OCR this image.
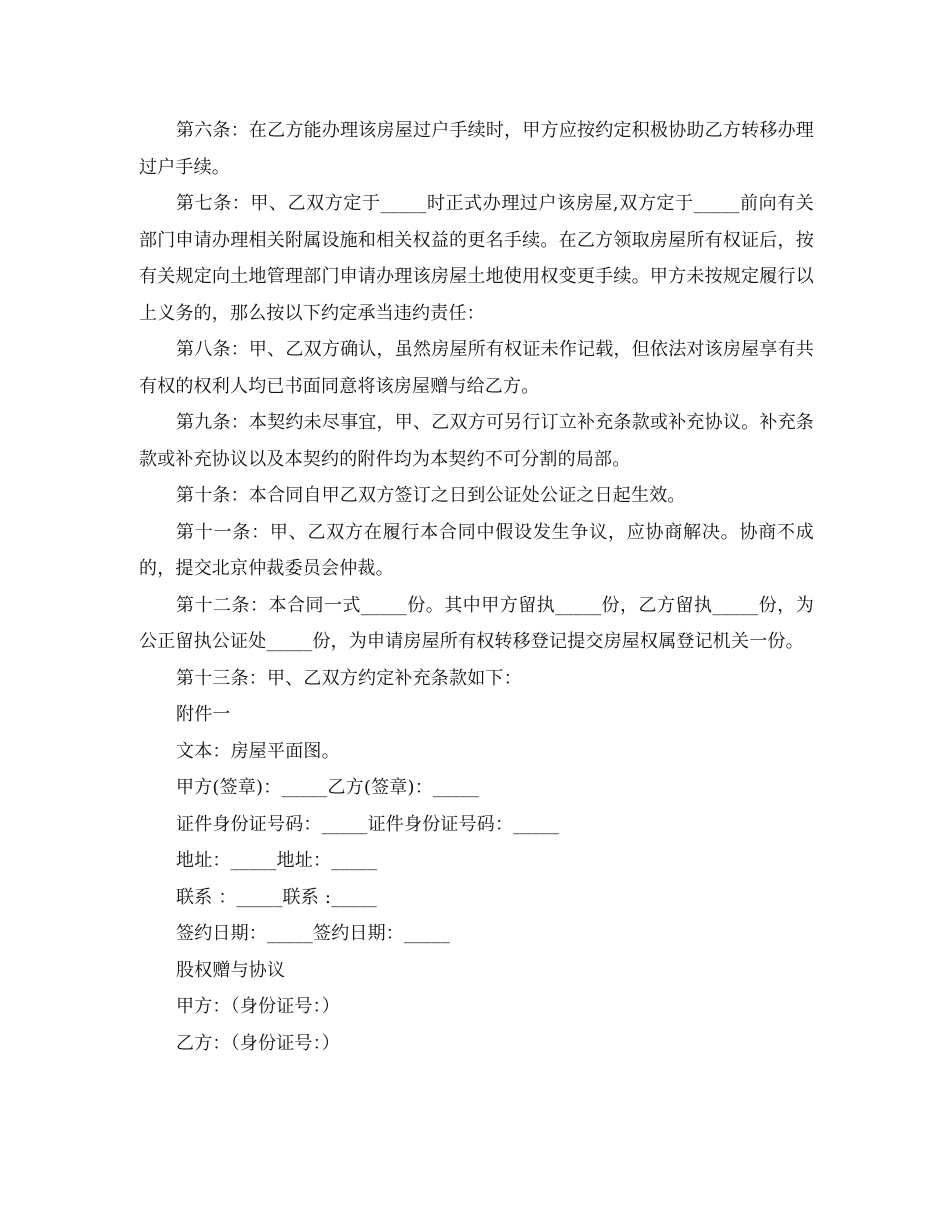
第六条：在乙方能办理该房屋过户手续时，甲方应按约定积极协助乙方转移办理过户手续。

第七条：甲、乙双方定于_____时正式办理过户该房屋,双方定于_____前向有关部门申请办理相关附属设施和相关权益的更名手续。在乙方领取房屋所有权证后，按有关规定向土地管理部门申请办理该房屋土地使用权变更手续。甲方未按规定履行以上义务的，那么按以下约定承当违约责任：

第八条：甲、乙双方确认，虽然房屋所有权证未作记载，但依法对该房屋享有共有权的权利人均已书面同意将该房屋赠与给乙方。

第九条：本契约未尽事宜，甲、乙双方可另行订立补充条款或补充协议。补充条款或补充协议以及本契约的附件均为本契约不可分割的局部。

第十条：本合同自甲乙双方签订之日到公证处公证之日起生效。

第十一条：甲、乙双方在履行本合同中假设发生争议，应协商解决。协商不成的，提交北京仲裁委员会仲裁。

第十二条：本合同一式_____份。其中甲方留执_____份，乙方留执_____份，为公正留执公证处_____份，为申请房屋所有权转移登记提交房屋权属登记机关一份。

第十三条：甲、乙双方约定补充条款如下：

附件一

文本：房屋平面图。

甲方(签章)：_____乙方(签章)：_____

证件身份证号码：_____证件身份证号码：_____

地址：_____地址：_____

联系 ：_____联系 :_____

签约日期：_____签约日期：_____

股权赠与协议

甲方：（身份证号：）

乙方：（身份证号：）
